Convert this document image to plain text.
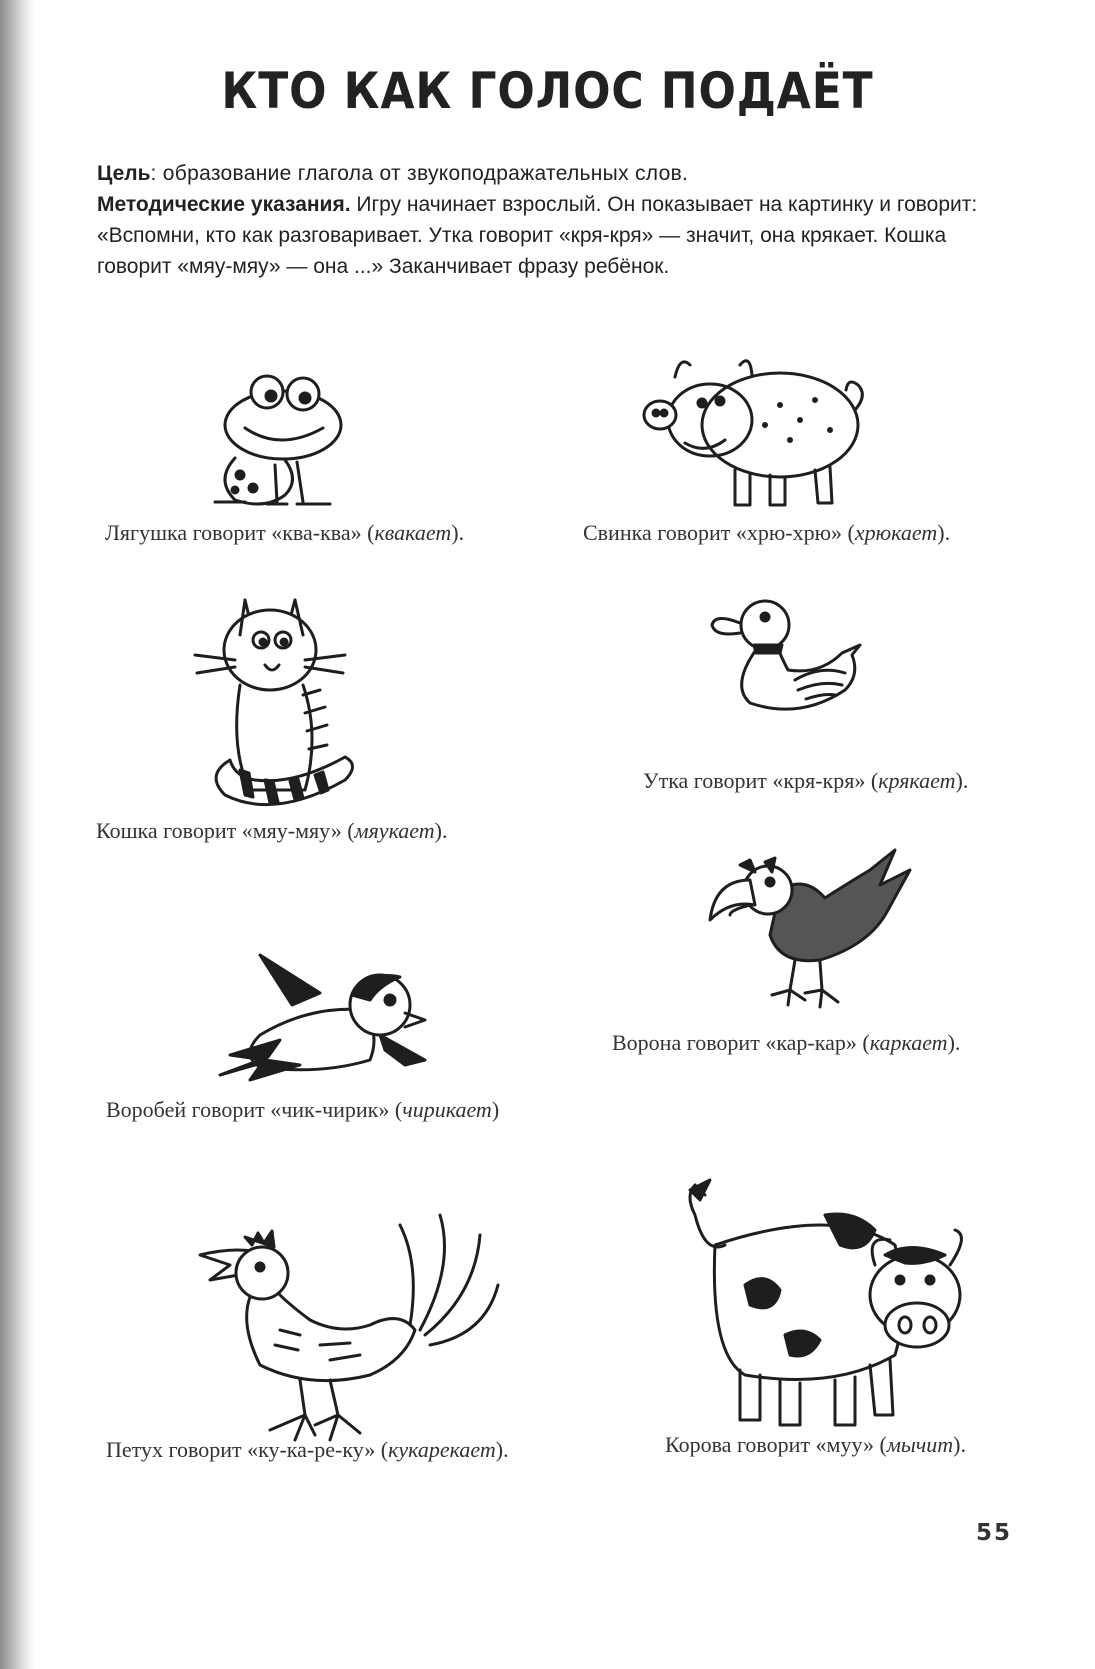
КТО КАК ГОЛОС ПОДАЁТ

Цель: образование глагола от звукоподражательных слов.

Методические указания. Игру начинает взрослый. Он показывает на картинку и говорит: «Вспомни, кто как разговаривает. Утка говорит «кря-кря» — значит, она крякает. Кошка говорит «мяу-мяу» — она ...» Заканчивает фразу ребёнок.

Лягушка говорит «ква-ква» (квакает).	Свинка говорит «хрю-хрю» (хрюкает).
Кошка говорит «мяу-мяу» (мяукает).
Утка говорит «кря-кря» (крякает).
Ворона говорит «кар-кар» (каркает).
Воробей говорит «чик-чирик» (чирикает)
Петух говорит «ку-ка-ре-ку» (кукарекает).	Корова говорит «муу» (мычит).
55
